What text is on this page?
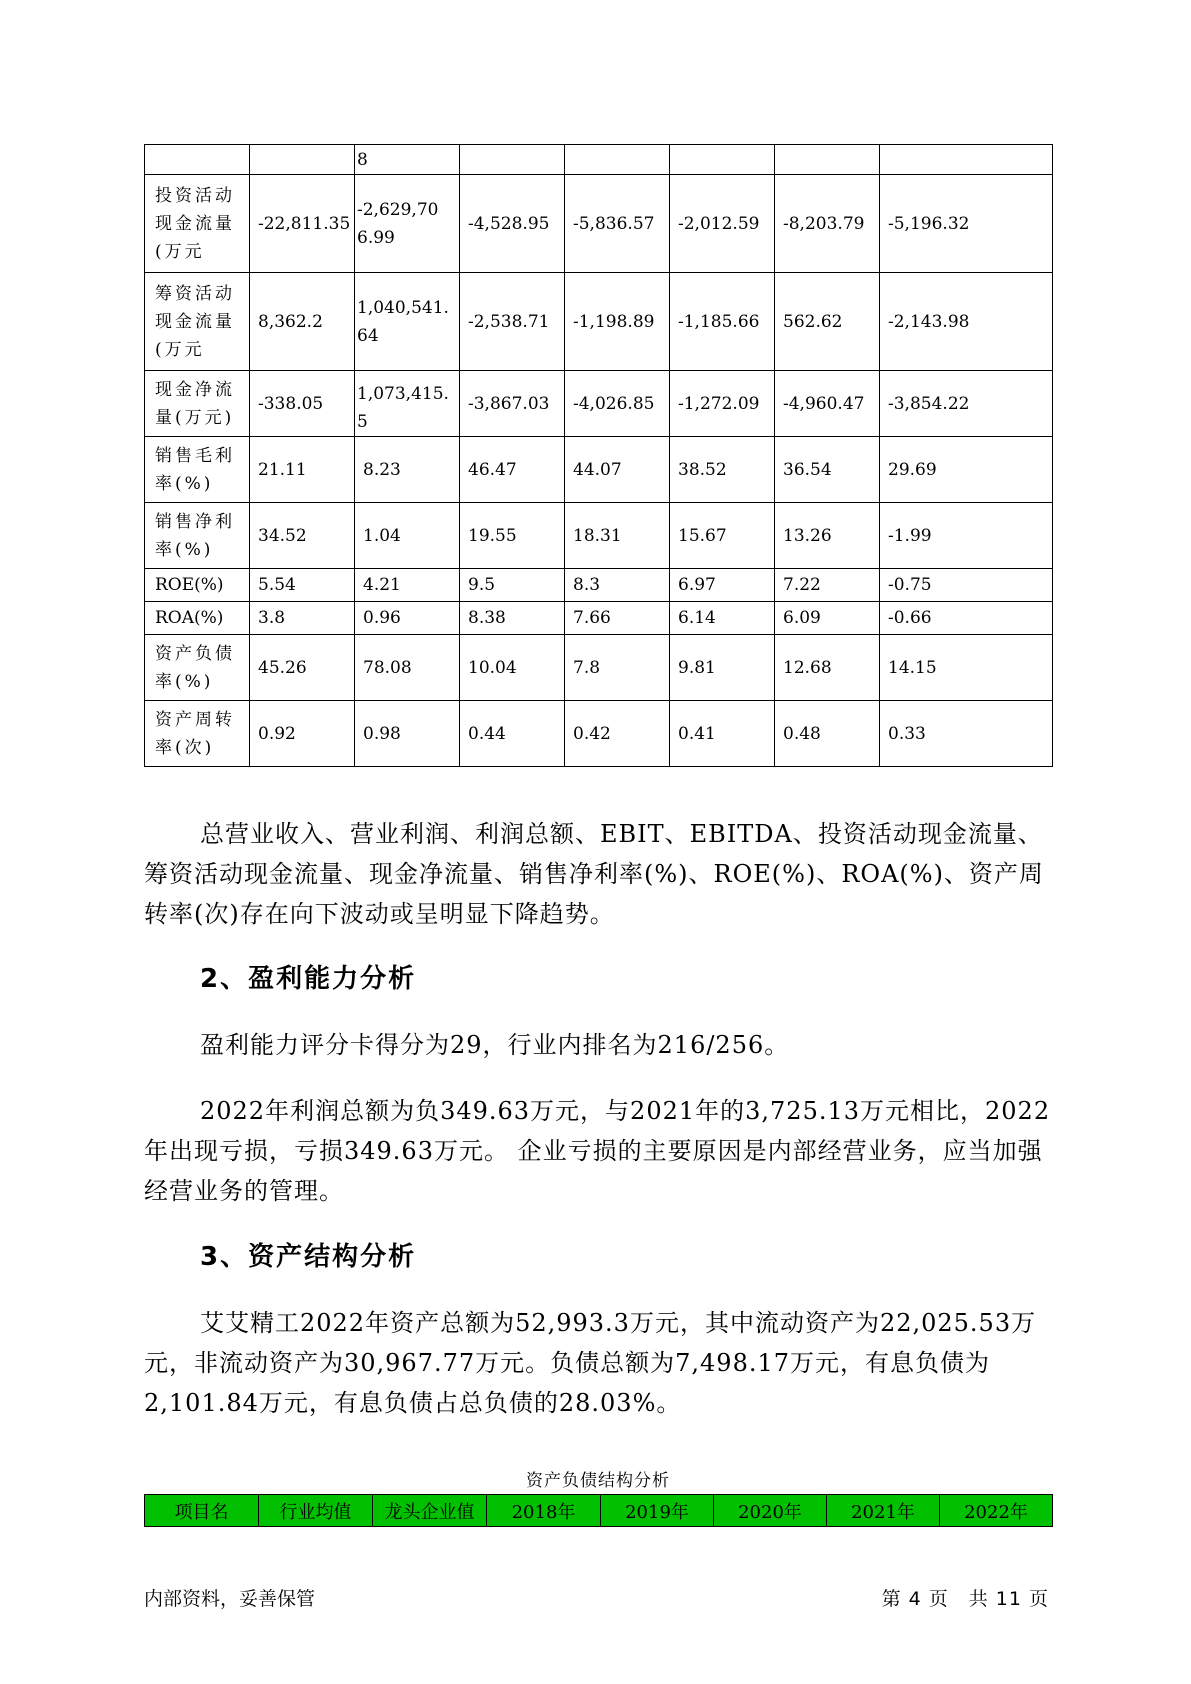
		8					
投资活动现金流量(万元	-22,811.35	-2,629,706.99	-4,528.95	-5,836.57	-2,012.59	-8,203.79	-5,196.32
筹资活动现金流量(万元	8,362.2	1,040,541.64	-2,538.71	-1,198.89	-1,185.66	562.62	-2,143.98
现金净流量(万元)	-338.05	1,073,415.5	-3,867.03	-4,026.85	-1,272.09	-4,960.47	-3,854.22
销售毛利率(%)	21.11	8.23	46.47	44.07	38.52	36.54	29.69
销售净利率(%)	34.52	1.04	19.55	18.31	15.67	13.26	-1.99
ROE(%)	5.54	4.21	9.5	8.3	6.97	7.22	-0.75
ROA(%)	3.8	0.96	8.38	7.66	6.14	6.09	-0.66
资产负债率(%)	45.26	78.08	10.04	7.8	9.81	12.68	14.15
资产周转率(次)	0.92	0.98	0.44	0.42	0.41	0.48	0.33

总营业收入、营业利润、利润总额、EBIT、EBITDA、投资活动现金流量、筹资活动现金流量、现金净流量、销售净利率(%)、ROE(%)、ROA(%)、资产周转率(次)存在向下波动或呈明显下降趋势。

2、盈利能力分析

盈利能力评分卡得分为29，行业内排名为216/256。

2022年利润总额为负349.63万元，与2021年的3,725.13万元相比，2022年出现亏损，亏损349.63万元。 企业亏损的主要原因是内部经营业务，应当加强经营业务的管理。

3、资产结构分析

艾艾精工2022年资产总额为52,993.3万元，其中流动资产为22,025.53万元，非流动资产为30,967.77万元。负债总额为7,498.17万元，有息负债为2,101.84万元，有息负债占总负债的28.03%。

资产负债结构分析
项目名	行业均值	龙头企业值	2018年	2019年	2020年	2021年	2022年
内部资料，妥善保管	第 4 页　共 11 页
